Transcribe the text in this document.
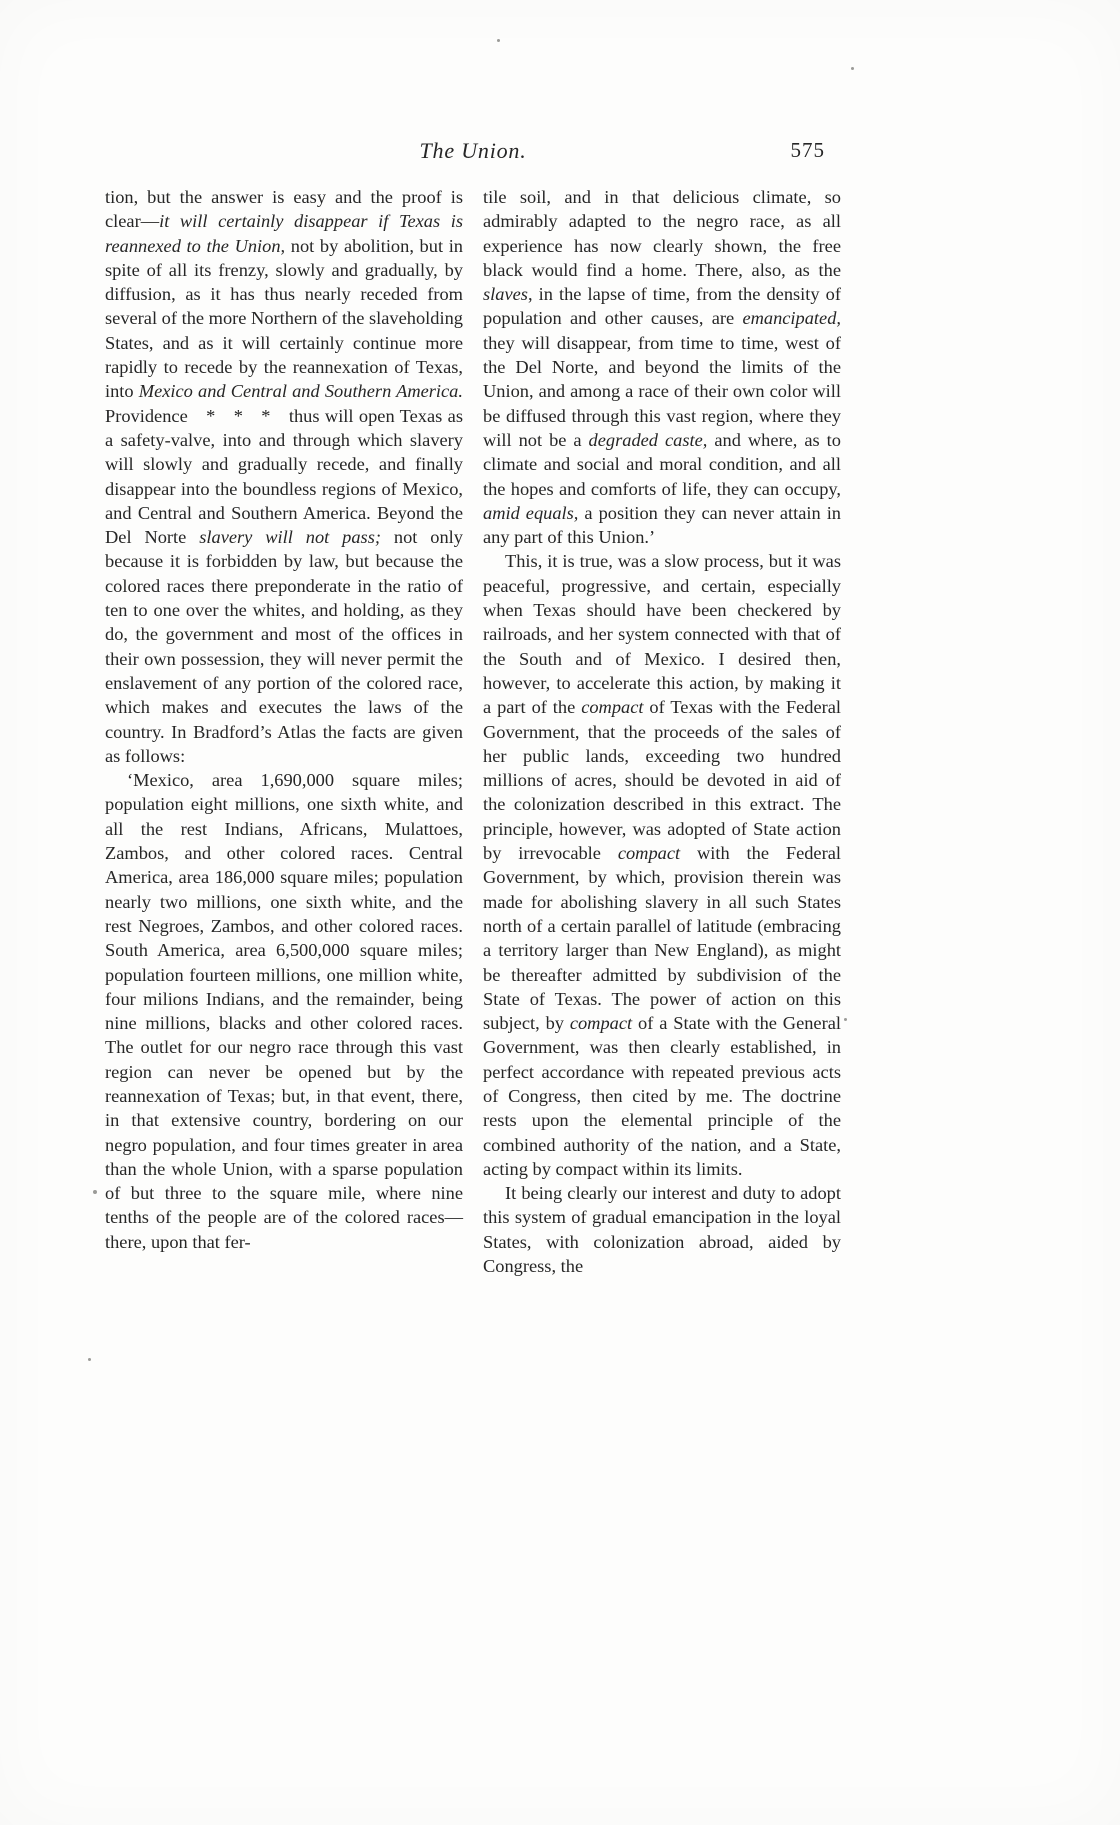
The Union.	575

tion, but the answer is easy and the proof is clear—it will certainly disappear if Texas is reannexed to the Union, not by abolition, but in spite of all its frenzy, slowly and gradually, by diffusion, as it has thus nearly receded from several of the more Northern of the slaveholding States, and as it will certainly continue more rapidly to recede by the reannexation of Texas, into Mexico and Central and Southern America. Providence * * * thus will open Texas as a safety-valve, into and through which slavery will slowly and gradually recede, and finally disappear into the boundless regions of Mexico, and Central and Southern America. Beyond the Del Norte slavery will not pass; not only because it is forbidden by law, but because the colored races there preponderate in the ratio of ten to one over the whites, and holding, as they do, the government and most of the offices in their own possession, they will never permit the enslavement of any portion of the colored race, which makes and executes the laws of the country. In Bradford’s Atlas the facts are given as follows:

‘Mexico, area 1,690,000 square miles; population eight millions, one sixth white, and all the rest Indians, Africans, Mulattoes, Zambos, and other colored races. Central America, area 186,000 square miles; population nearly two millions, one sixth white, and the rest Negroes, Zambos, and other colored races. South America, area 6,500,000 square miles; population fourteen millions, one million white, four milions Indians, and the remainder, being nine millions, blacks and other colored races. The outlet for our negro race through this vast region can never be opened but by the reannexation of Texas; but, in that event, there, in that extensive country, bordering on our negro population, and four times greater in area than the whole Union, with a sparse population of but three to the square mile, where nine tenths of the people are of the colored races—there, upon that fer-

tile soil, and in that delicious climate, so admirably adapted to the negro race, as all experience has now clearly shown, the free black would find a home. There, also, as the slaves, in the lapse of time, from the density of population and other causes, are emancipated, they will disappear, from time to time, west of the Del Norte, and beyond the limits of the Union, and among a race of their own color will be diffused through this vast region, where they will not be a degraded caste, and where, as to climate and social and moral condition, and all the hopes and comforts of life, they can occupy, amid equals, a position they can never attain in any part of this Union.’

This, it is true, was a slow process, but it was peaceful, progressive, and certain, especially when Texas should have been checkered by railroads, and her system connected with that of the South and of Mexico. I desired then, however, to accelerate this action, by making it a part of the compact of Texas with the Federal Government, that the proceeds of the sales of her public lands, exceeding two hundred millions of acres, should be devoted in aid of the colonization described in this extract. The principle, however, was adopted of State action by irrevocable compact with the Federal Government, by which, provision therein was made for abolishing slavery in all such States north of a certain parallel of latitude (embracing a territory larger than New England), as might be thereafter admitted by subdivision of the State of Texas. The power of action on this subject, by compact of a State with the General Government, was then clearly established, in perfect accordance with repeated previous acts of Congress, then cited by me. The doctrine rests upon the elemental principle of the combined authority of the nation, and a State, acting by compact within its limits.

It being clearly our interest and duty to adopt this system of gradual emancipation in the loyal States, with colonization abroad, aided by Congress, the
